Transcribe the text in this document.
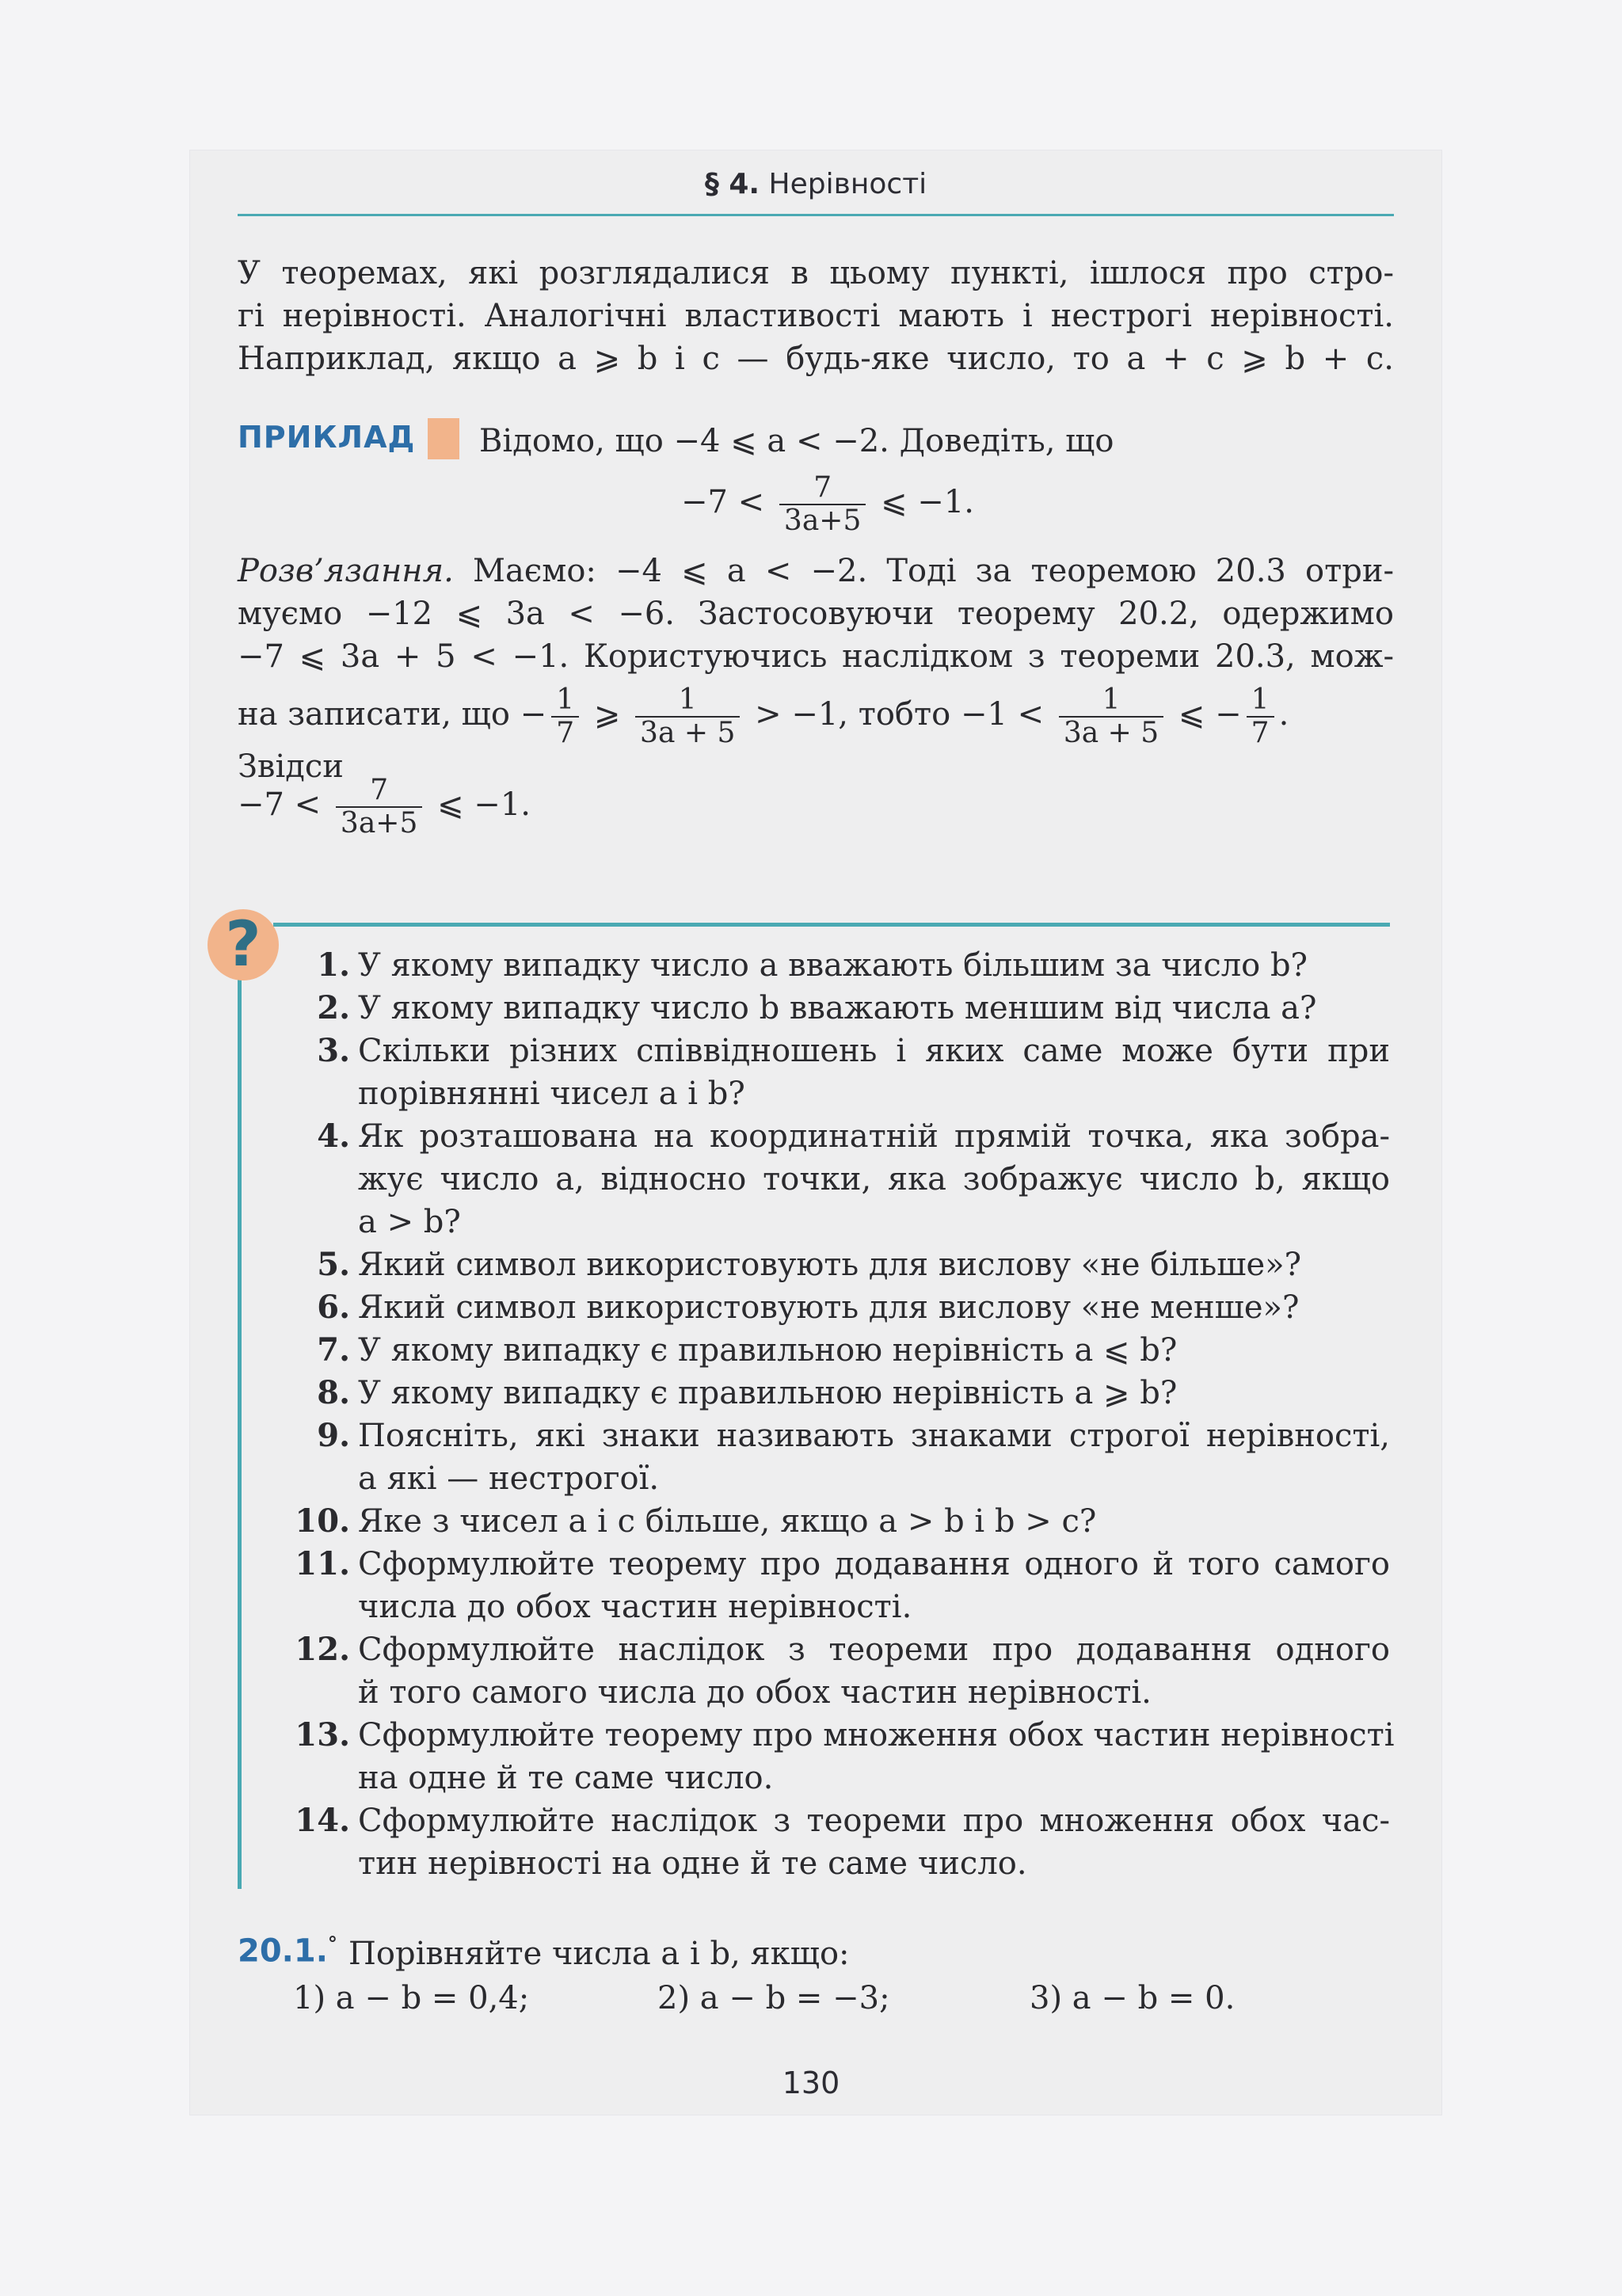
§ 4. Нерівності
У теоремах, які розглядалися в цьому пункті, ішлося про стро-
гі нерівності. Аналогічні властивості мають і нестрогі нерівності.
Наприклад, якщо a ⩾ b і c — будь-яке число, то a + c ⩾ b + c.
ПРИКЛАД Відомо, що −4 ⩽ a < −2. Доведіть, що
$-7 < \frac{7}{3a+5}$ ⩽ −1.
Розв’язання. Маємо: −4 ⩽ a < −2. Тоді за теоремою 20.3 отри-
муємо −12 ⩽ 3a < −6. Застосовуючи теорему 20.2, одержимо
−7 ⩽ 3a + 5 < −1. Користуючись наслідком з теореми 20.3, мож-
на записати, що − $\frac{1}{7}$ ⩾ $\frac{1}{3a + 5} > -1$, тобто $-1 < \frac{1}{3a + 5}$ ⩽ − $\frac{1}{7}$ . Звідси
$-7 < \frac{7}{3a+5}$ ⩽ −1.
?	1. У якому випадку число a вважають більшим за число b?
2. У якому випадку число b вважають меншим від числа a?
3. Скільки різних співвідношень і яких саме може бути при
порівнянні чисел a і b?
4. Як розташована на координатній прямій точка, яка зобра-
жує число a, відносно точки, яка зображує число b, якщо
a > b?
5. Який символ використовують для вислову «не більше»?
6. Який символ використовують для вислову «не менше»?
7. У якому випадку є правильною нерівність a ⩽ b?
8. У якому випадку є правильною нерівність a ⩾ b?
9. Поясніть, які знаки називають знаками строгої нерівності,
а які — нестрогої.
10. Яке з чисел a і c більше, якщо a > b і b > c?
11. Сформулюйте теорему про додавання одного й того самого
числа до обох частин нерівності.
12. Сформулюйте наслідок з теореми про додавання одного
й того самого числа до обох частин нерівності.
13. Сформулюйте теорему про множення обох частин нерівності
на одне й те саме число.
14. Сформулюйте наслідок з теореми про множення обох час-
тин нерівності на одне й те саме число.
20.1.° Порівняйте числа a і b, якщо:
1) a − b = 0,4;	2) a − b = −3;	3) a − b = 0.
130
